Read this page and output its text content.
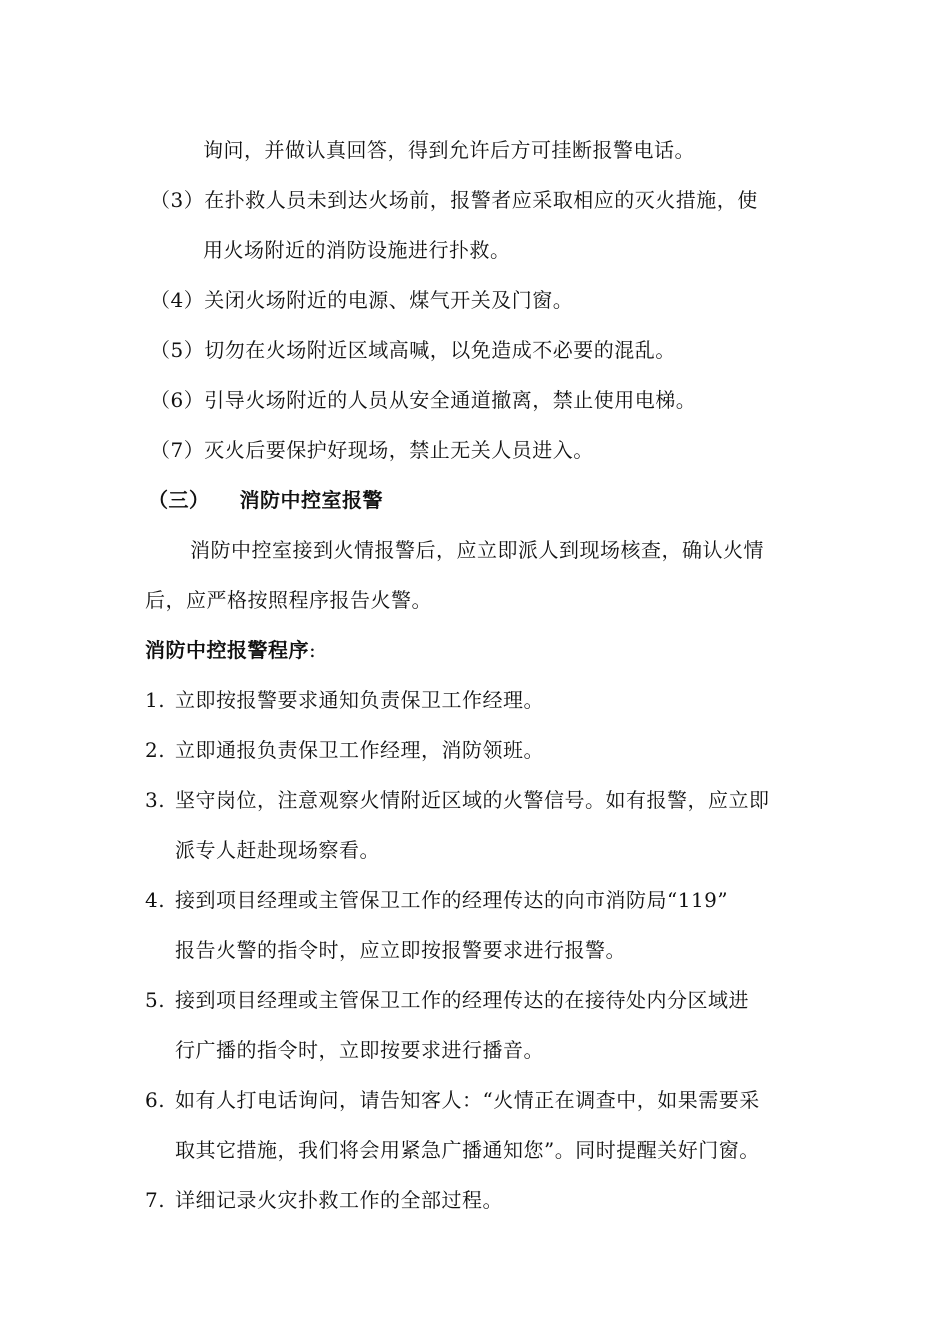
询问，并做认真回答，得到允许后方可挂断报警电话。
（3）在扑救人员未到达火场前，报警者应采取相应的灭火措施，使
用火场附近的消防设施进行扑救。
（4）关闭火场附近的电源、煤气开关及门窗。
（5）切勿在火场附近区域高喊，以免造成不必要的混乱。
（6）引导火场附近的人员从安全通道撤离，禁止使用电梯。
（7）灭火后要保护好现场，禁止无关人员进入。
（三） 消防中控室报警
消防中控室接到火情报警后，应立即派人到现场核查，确认火情
后，应严格按照程序报告火警。
消防中控报警程序:
1. 立即按报警要求通知负责保卫工作经理。
2. 立即通报负责保卫工作经理，消防领班。
3. 坚守岗位，注意观察火情附近区域的火警信号。如有报警，应立即
派专人赶赴现场察看。
4. 接到项目经理或主管保卫工作的经理传达的向市消防局“119”
报告火警的指令时，应立即按报警要求进行报警。
5. 接到项目经理或主管保卫工作的经理传达的在接待处内分区域进
行广播的指令时，立即按要求进行播音。
6. 如有人打电话询问，请告知客人：“火情正在调查中，如果需要采
取其它措施，我们将会用紧急广播通知您”。同时提醒关好门窗。
7. 详细记录火灾扑救工作的全部过程。
